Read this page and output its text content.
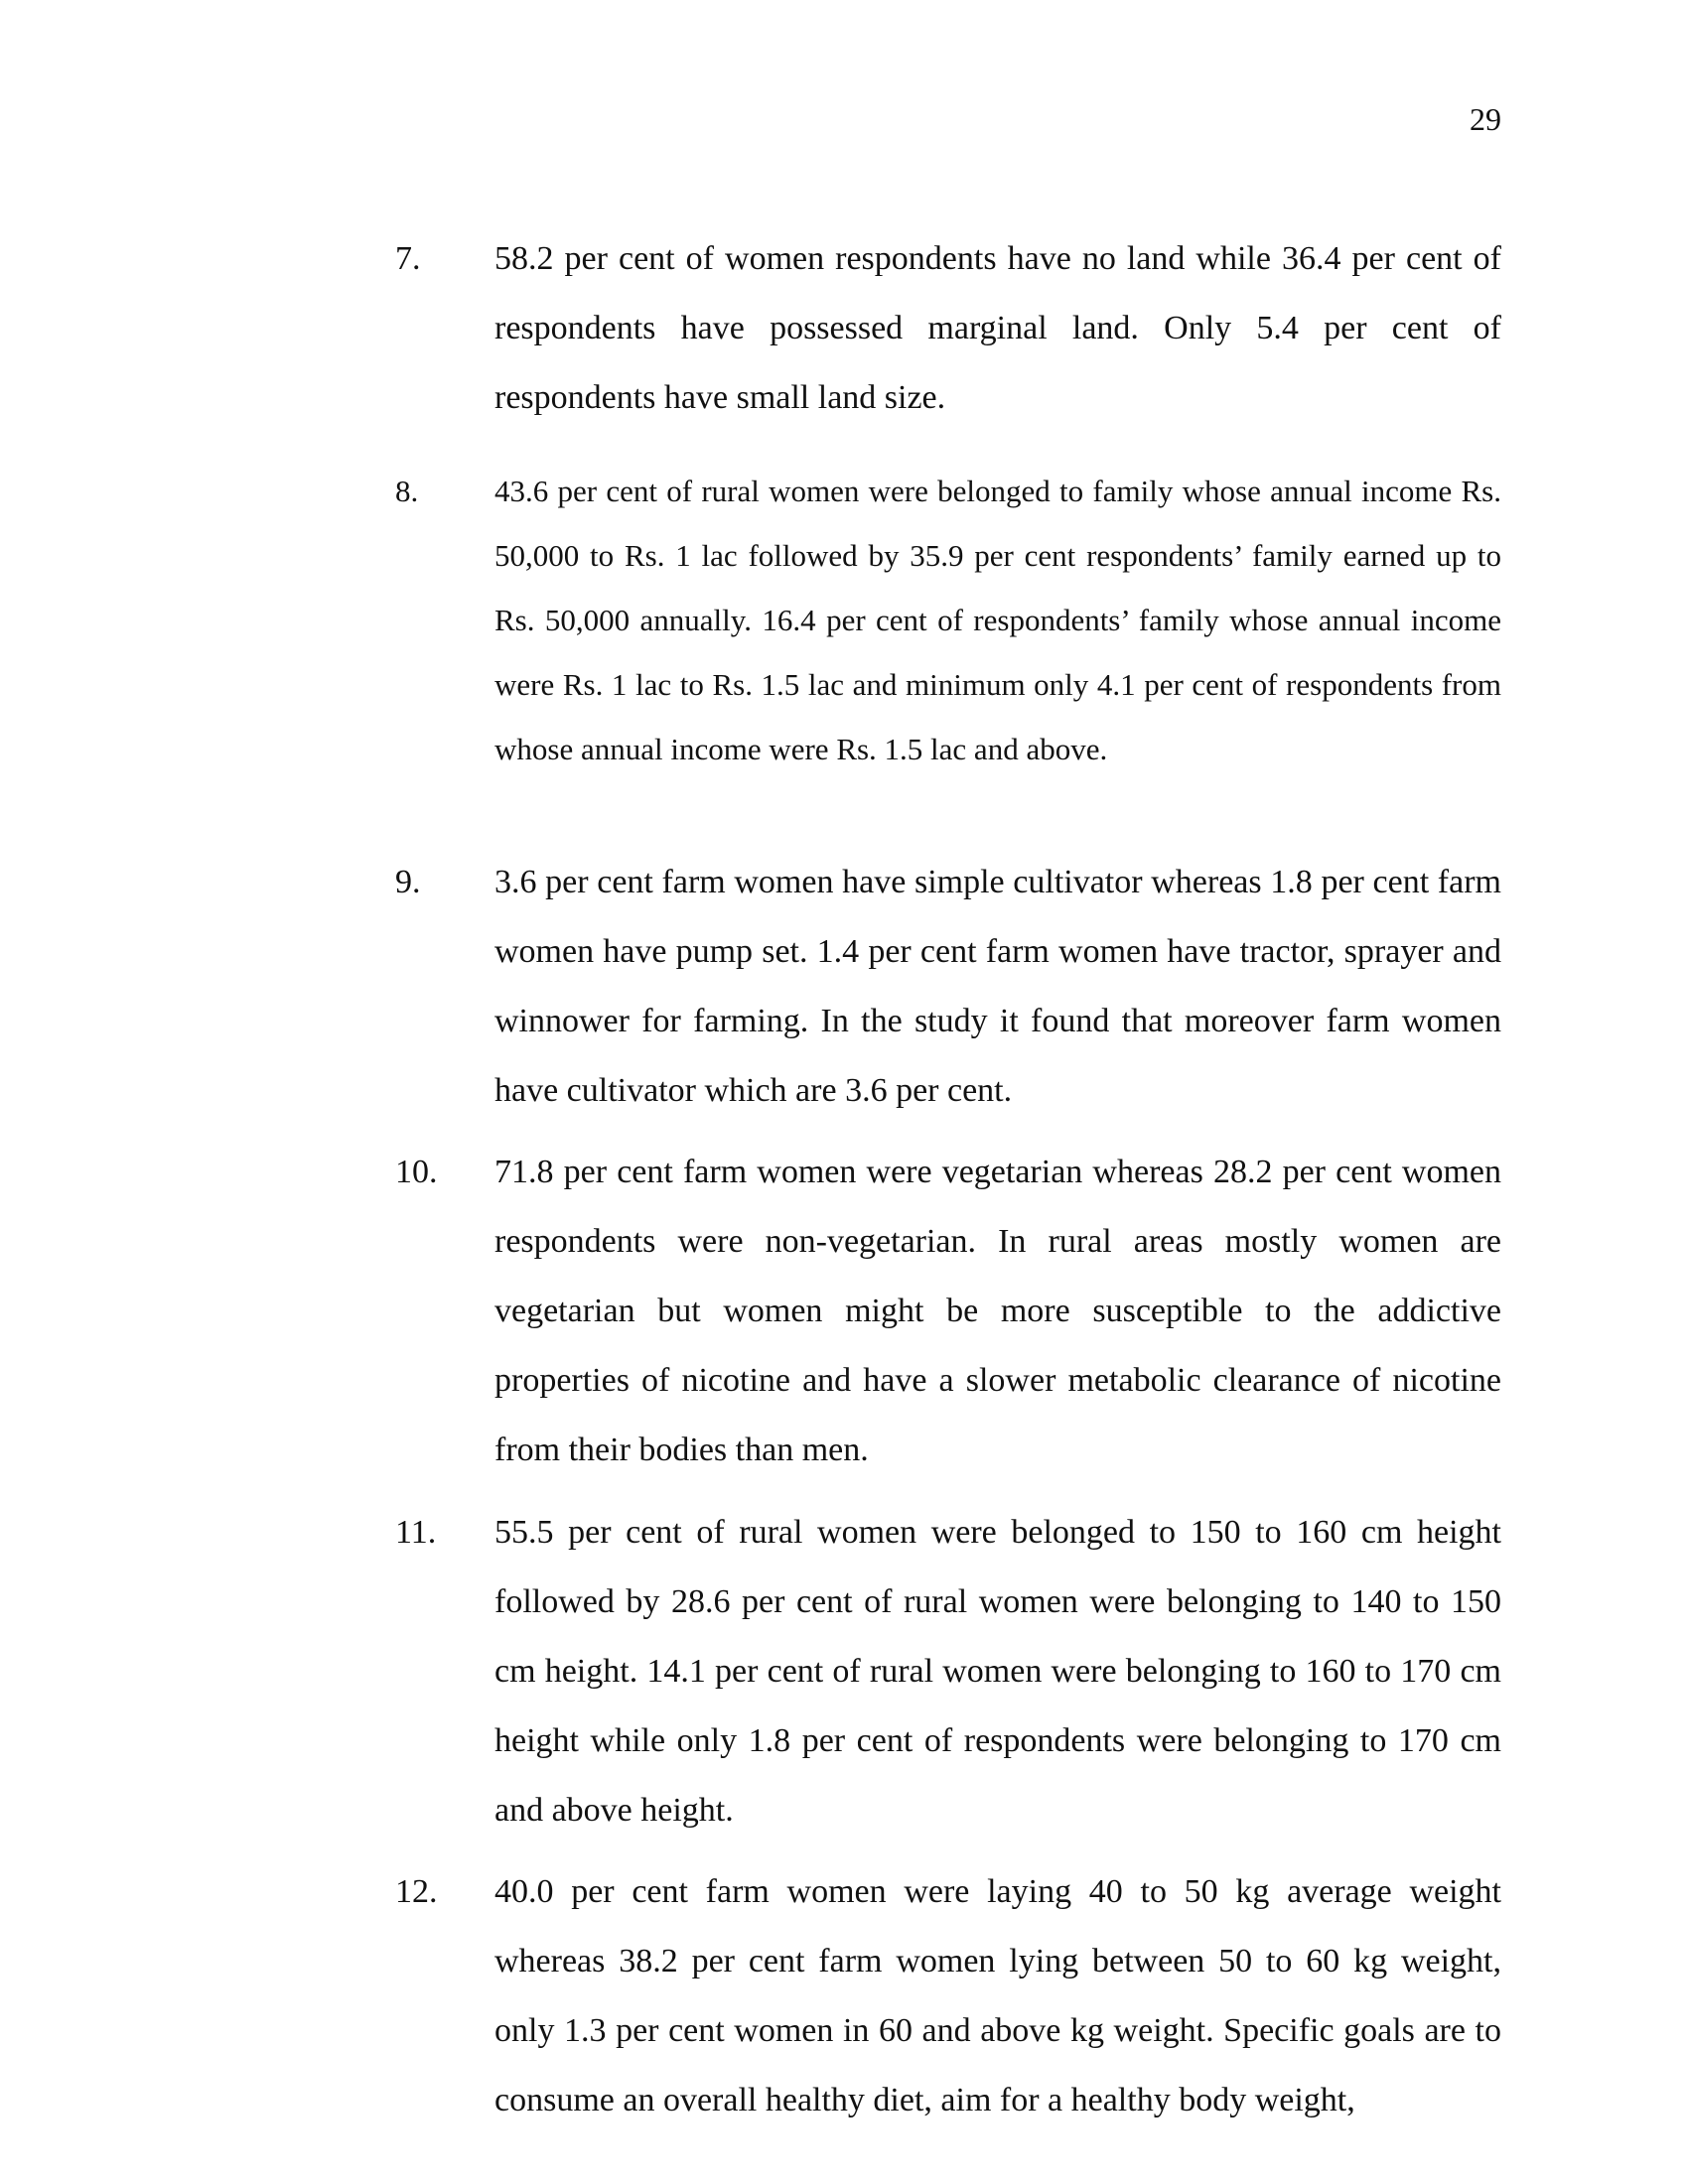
29
7. 58.2 per cent of women respondents have no land while 36.4 per cent of respondents have possessed marginal land. Only 5.4 per cent of respondents have small land size.

8. 43.6 per cent of rural women were belonged to family whose annual income Rs. 50,000 to Rs. 1 lac followed by 35.9 per cent respondents’ family earned up to Rs. 50,000 annually. 16.4 per cent of respondents’ family whose annual income were Rs. 1 lac to Rs. 1.5 lac and minimum only 4.1 per cent of respondents from whose annual income were Rs. 1.5 lac and above.

9. 3.6 per cent farm women have simple cultivator whereas 1.8 per cent farm women have pump set. 1.4 per cent farm women have tractor, sprayer and winnower for farming. In the study it found that moreover farm women have cultivator which are 3.6 per cent.

10. 71.8 per cent farm women were vegetarian whereas 28.2 per cent women respondents were non-vegetarian. In rural areas mostly women are vegetarian but women might be more susceptible to the addictive properties of nicotine and have a slower metabolic clearance of nicotine from their bodies than men.

11. 55.5 per cent of rural women were belonged to 150 to 160 cm height followed by 28.6 per cent of rural women were belonging to 140 to 150 cm height. 14.1 per cent of rural women were belonging to 160 to 170 cm height while only 1.8 per cent of respondents were belonging to 170 cm and above height.

12. 40.0 per cent farm women were laying 40 to 50 kg average weight whereas 38.2 per cent farm women lying between 50 to 60 kg weight, only 1.3 per cent women in 60 and above kg weight. Specific goals are to consume an overall healthy diet, aim for a healthy body weight,
